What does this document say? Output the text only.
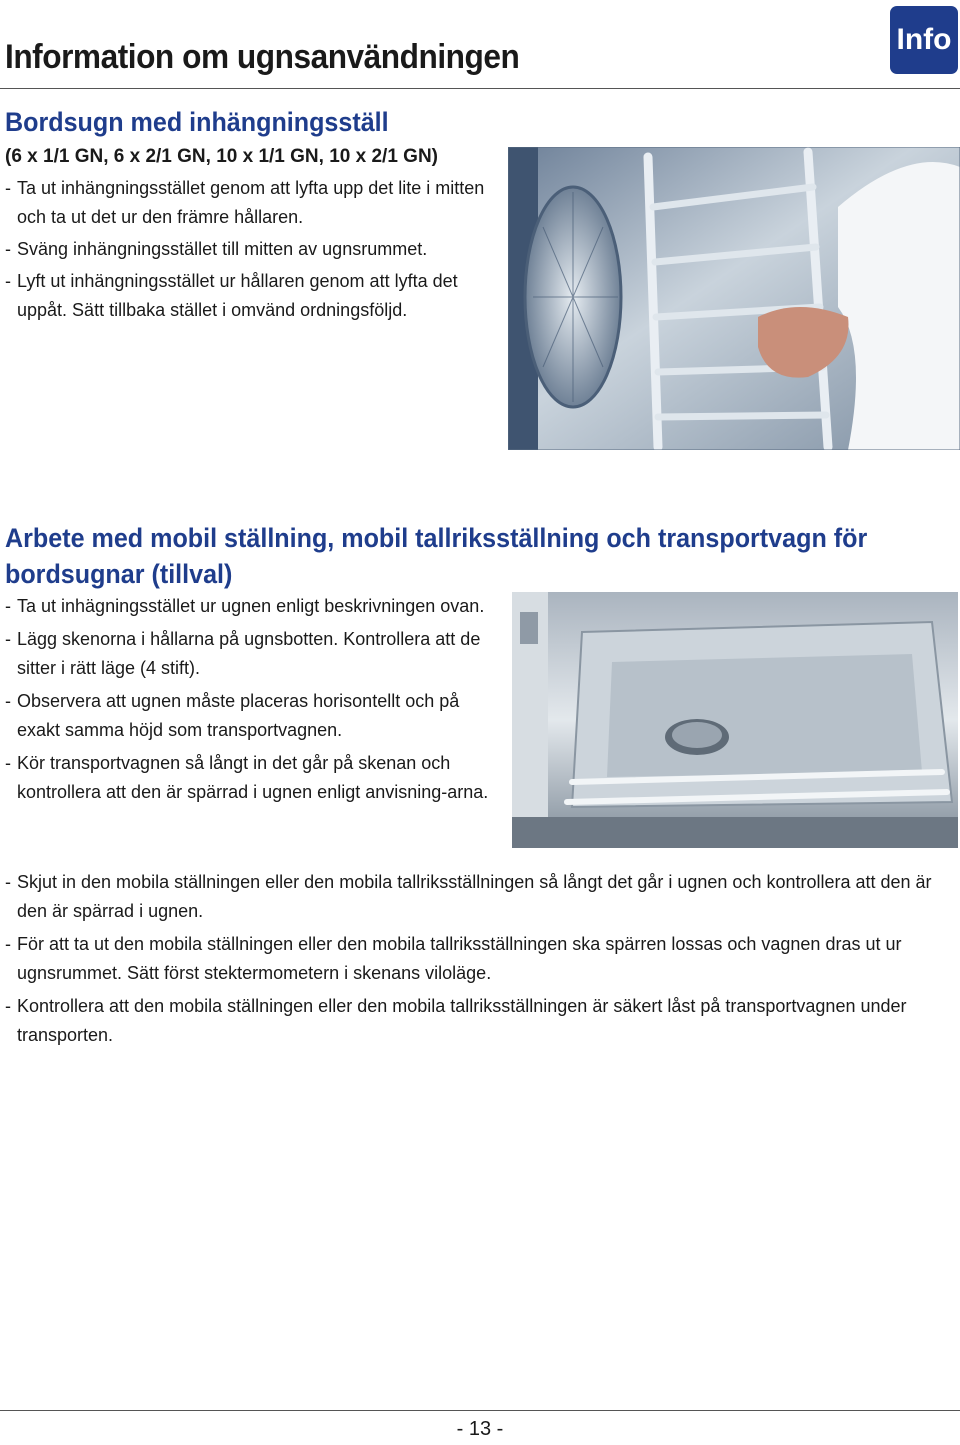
Information om ugnsanvändningen	Info
Bordsugn med inhängningsställ

(6 x 1/1 GN, 6 x 2/1 GN, 10 x 1/1 GN, 10 x 2/1 GN)

- Ta ut inhängningsstället genom att lyfta upp det lite i mitten och ta ut det ur den främre hållaren.
- Sväng inhängningsstället till mitten av ugnsrummet.
- Lyft ut inhängningsstället ur hållaren genom att lyfta det uppåt. Sätt tillbaka stället i omvänd ordningsföljd.
Arbete med mobil ställning, mobil tallriksställning och transportvagn för bordsugnar (tillval)
- Ta ut inhägningsstället ur ugnen enligt beskrivningen ovan.
- Lägg skenorna i hållarna på ugnsbotten. Kontrollera att de sitter i rätt läge (4 stift).
- Observera att ugnen måste placeras horisontellt och på exakt samma höjd som transportvagnen.
- Kör transportvagnen så långt in det går på skenan och kontrollera att den är spärrad i ugnen enligt anvisning-arna.
- Skjut in den mobila ställningen eller den mobila tallriksställningen så långt det går i ugnen och kontrollera att den är den är spärrad i ugnen.
- För att ta ut den mobila ställningen eller den mobila tallriksställningen ska spärren lossas och vagnen dras ut ur ugnsrummet. Sätt först stektermometern i skenans viloläge.
- Kontrollera att den mobila ställningen eller den mobila tallriksställningen är säkert låst på transportvagnen under transporten.
- 13 -
